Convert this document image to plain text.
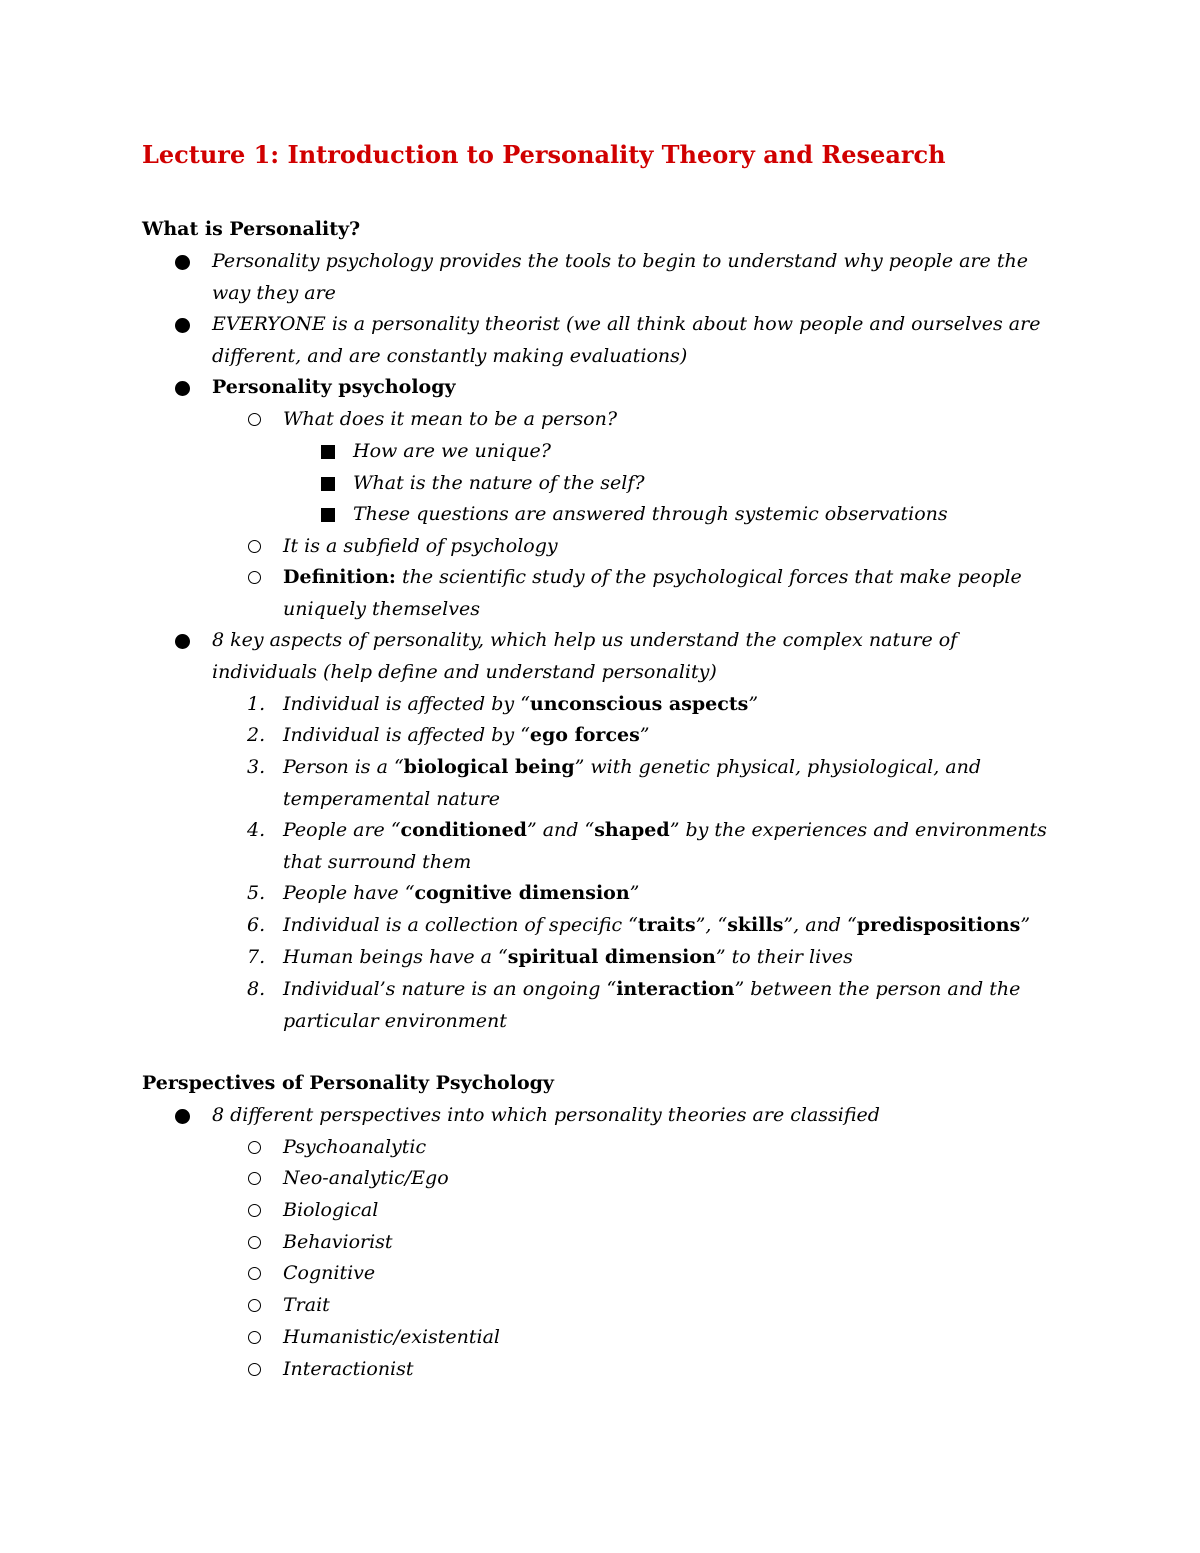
Lecture 1: Introduction to Personality Theory and Research
What is Personality?
Personality psychology provides the tools to begin to understand why people are the way they are
EVERYONE is a personality theorist (we all think about how people and ourselves are different, and are constantly making evaluations)
Personality psychology
What does it mean to be a person?
How are we unique?
What is the nature of the self?
These questions are answered through systemic observations
It is a subfield of psychology
Definition: the scientific study of the psychological forces that make people uniquely themselves
8 key aspects of personality, which help us understand the complex nature of individuals (help define and understand personality)
1. Individual is affected by “unconscious aspects”
2. Individual is affected by “ego forces”
3. Person is a “biological being” with genetic physical, physiological, and temperamental nature
4. People are “conditioned” and “shaped” by the experiences and environments that surround them
5. People have “cognitive dimension”
6. Individual is a collection of specific “traits”, “skills”, and “predispositions”
7. Human beings have a “spiritual dimension” to their lives
8. Individual’s nature is an ongoing “interaction” between the person and the particular environment
Perspectives of Personality Psychology
8 different perspectives into which personality theories are classified
Psychoanalytic
Neo-analytic/Ego
Biological
Behaviorist
Cognitive
Trait
Humanistic/existential
Interactionist
